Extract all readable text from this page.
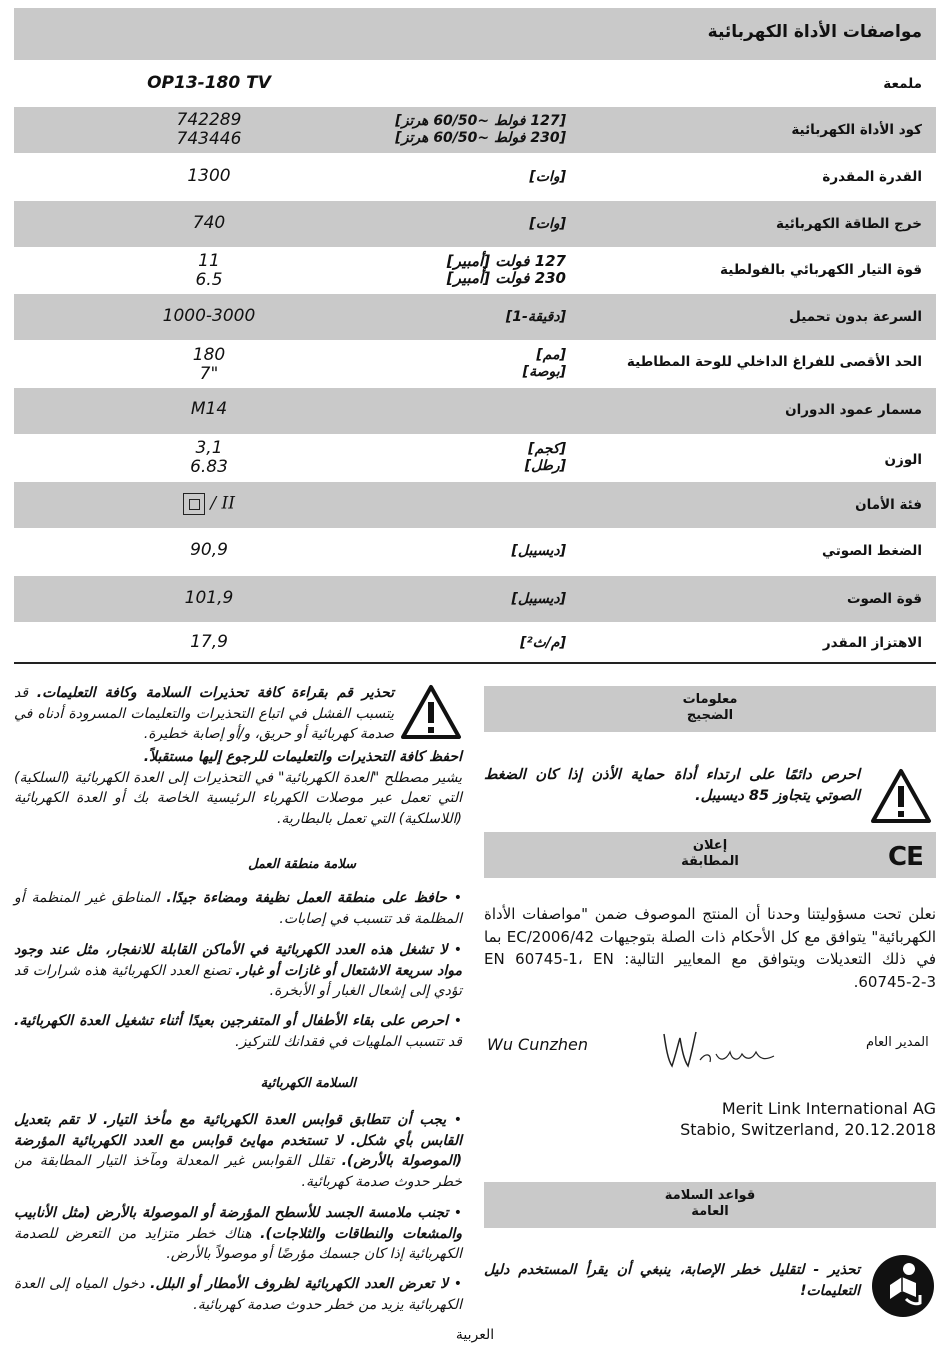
مواصفات الأداة الكهربائية
ملمعة
OP13-180 TV
كود الأداة الكهربائية
[127 فولط ~60/50 هرتز]
[230 فولط ~60/50 هرتز]
742289
743446
القدرة المقدرة
[وات]
1300
خرج الطاقة الكهربائية
[وات]
740
قوة التيار الكهربائي بالفولطية
127 فولت [أمبير]
230 فولت [أمبير]
11
6.5
السرعة بدون تحميل
[دقيقة-1]
1000-3000
الحد الأقصى للفراغ الداخلي للوحة المطاطية
[مم]
[بوصة]
180
7"
مسمار عمود الدوران
M14
الوزن
[كجم]
[رطل]
3,1
6.83
فئة الأمان
/ II
الضغط الصوتي
[ديسيبل]
90,9
قوة الصوت
[ديسيبل]
101,9
الاهتزاز المقدر
[م/ث²]
17,9
معلومات
الضجيج
احرص دائمًا على ارتداء أداة حماية الأذن إذا كان الضغط الصوتي يتجاوز 85 ديسيبل.
إعلان
المطابقة	CE
نعلن تحت مسؤوليتنا وحدنا أن المنتج الموصوف ضمن "مواصفات الأداة الكهربائية" يتوافق مع كل الأحكام ذات الصلة بتوجيهات 2006/42/EC بما في ذلك التعديلات ويتوافق مع المعايير التالية: EN 60745-1، EN 60745-2-3.
Wu Cunzhen
Wu Cunzhen
المدير العام
Merit Link International AG
Stabio, Switzerland, 20.12.2018
قواعد السلامة
العامة
تحذير - لتقليل خطر الإصابة، ينبغي أن يقرأ المستخدم دليل التعليمات!
تحذير قم بقراءة كافة تحذيرات السلامة وكافة التعليمات. قد يتسبب الفشل في اتباع التحذيرات والتعليمات المسرودة أدناه في صدمة كهربائية أو حريق، و/أو إصابة خطيرة.
احفظ كافة التحذيرات والتعليمات للرجوع إليها مستقبلاً.
يشير مصطلح "العدة الكهربائية" في التحذيرات إلى العدة الكهربائية (السلكية) التي تعمل عبر موصلات الكهرباء الرئيسية الخاصة بك أو العدة الكهربائية (اللاسلكية) التي تعمل بالبطارية.
سلامة منطقة العمل
• حافظ على منطقة العمل نظيفة ومضاءة جيدًا. المناطق غير المنظمة أو المظلمة قد تتسبب في إصابات.
• لا تشغل هذه العدد الكهربائية في الأماكن القابلة للانفجار، مثل عند وجود مواد سريعة الاشتعال أو غازات أو غبار. تصنع العدد الكهربائية هذه شرارات قد تؤدي إلى إشعال الغبار أو الأبخرة.
• احرص على بقاء الأطفال أو المتفرجين بعيدًا أثناء تشغيل العدة الكهربائية. قد تتسبب الملهيات في فقدانك للتركيز.
السلامة الكهربائية
• يجب أن تتطابق قوابس العدة الكهربائية مع مأخذ التيار. لا تقم بتعديل القابس بأي شكل. لا تستخدم مهايئ قوابس مع العدد الكهربائية المؤرضة (الموصولة بالأرض). تقلل القوابس غير المعدلة ومآخذ التيار المطابقة من خطر حدوث صدمة كهربائية.
• تجنب ملامسة الجسد للأسطح المؤرضة أو الموصولة بالأرض (مثل الأنابيب والمشعات والنطاقات والثلاجات). هناك خطر متزايد من التعرض للصدمة الكهربائية إذا كان جسمك مؤرضًا أو موصولاً بالأرض.
• لا تعرض العدد الكهربائية لظروف الأمطار أو البلل. دخول المياه إلى العدة الكهربائية يزيد من خطر حدوث صدمة كهربائية.
العربية
